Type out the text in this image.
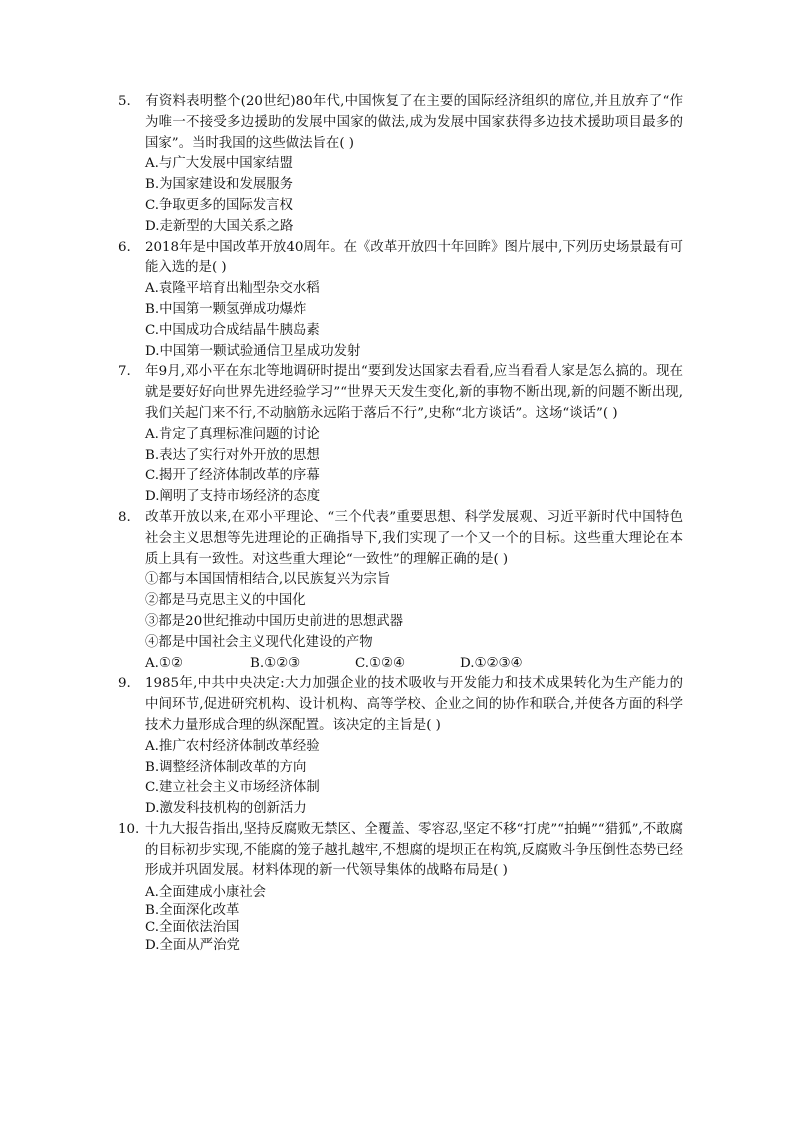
5. 有资料表明整个(20世纪)80年代,中国恢复了在主要的国际经济组织的席位,并且放弃了“作为唯一不接受多边援助的发展中国家的做法,成为发展中国家获得多边技术援助项目最多的国家”。当时我国的这些做法旨在( )
A.与广大发展中国家结盟
B.为国家建设和发展服务
C.争取更多的国际发言权
D.走新型的大国关系之路
6. 2018年是中国改革开放40周年。在《改革开放四十年回眸》图片展中,下列历史场景最有可能入选的是( )
A.袁隆平培育出籼型杂交水稻
B.中国第一颗氢弹成功爆炸
C.中国成功合成结晶牛胰岛素
D.中国第一颗试验通信卫星成功发射
7. 年9月,邓小平在东北等地调研时提出“要到发达国家去看看,应当看看人家是怎么搞的。现在就是要好好向世界先进经验学习”“世界天天发生变化,新的事物不断出现,新的问题不断出现,我们关起门来不行,不动脑筋永远陷于落后不行”,史称“北方谈话”。这场“谈话”( )
A.肯定了真理标准问题的讨论
B.表达了实行对外开放的思想
C.揭开了经济体制改革的序幕
D.阐明了支持市场经济的态度
8. 改革开放以来,在邓小平理论、“三个代表”重要思想、科学发展观、习近平新时代中国特色社会主义思想等先进理论的正确指导下,我们实现了一个又一个的目标。这些重大理论在本质上具有一致性。对这些重大理论“一致性”的理解正确的是( )
①都与本国国情相结合,以民族复兴为宗旨
②都是马克思主义的中国化
③都是20世纪推动中国历史前进的思想武器
④都是中国社会主义现代化建设的产物
A.①②	B.①②③	C.①②④	D.①②③④
9. 1985年,中共中央决定:大力加强企业的技术吸收与开发能力和技术成果转化为生产能力的中间环节,促进研究机构、设计机构、高等学校、企业之间的协作和联合,并使各方面的科学技术力量形成合理的纵深配置。该决定的主旨是( )
A.推广农村经济体制改革经验
B.调整经济体制改革的方向
C.建立社会主义市场经济体制
D.激发科技机构的创新活力
10. 十九大报告指出,坚持反腐败无禁区、全覆盖、零容忍,坚定不移“打虎”“拍蝇”“猎狐”,不敢腐的目标初步实现,不能腐的笼子越扎越牢,不想腐的堤坝正在构筑,反腐败斗争压倒性态势已经形成并巩固发展。材料体现的新一代领导集体的战略布局是( )
A.全面建成小康社会
B.全面深化改革
C.全面依法治国
D.全面从严治党
